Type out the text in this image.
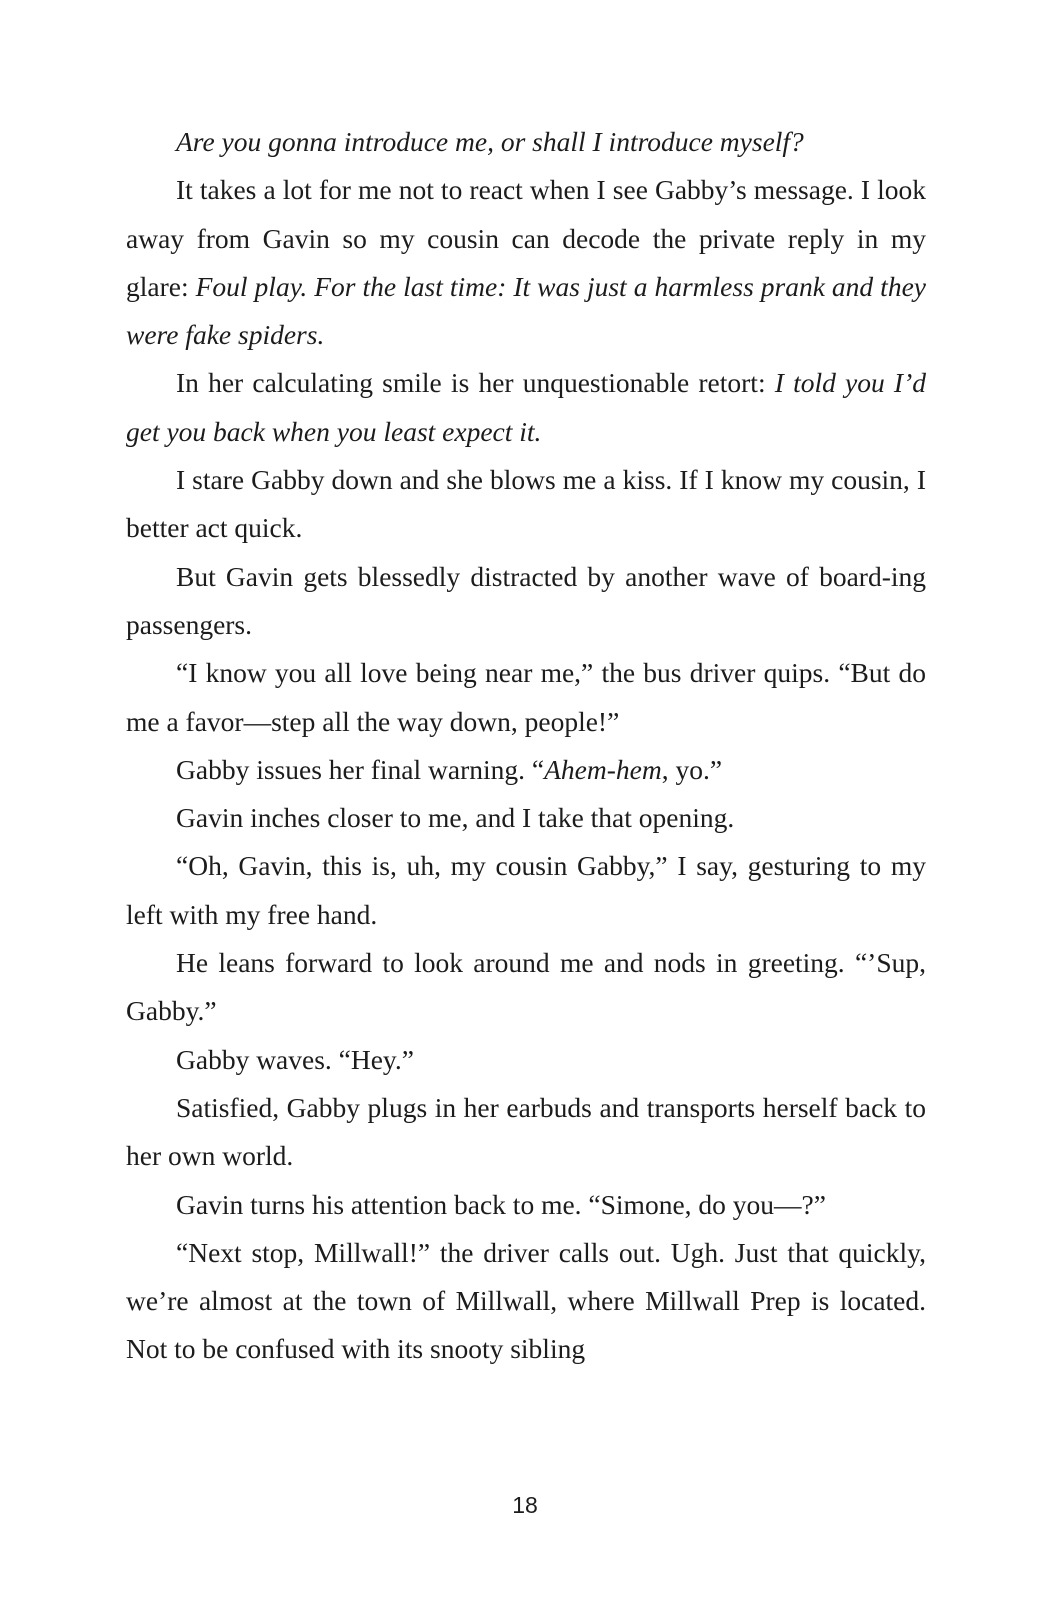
Are you gonna introduce me, or shall I introduce myself?

It takes a lot for me not to react when I see Gabby’s message. I look away from Gavin so my cousin can decode the private reply in my glare: Foul play. For the last time: It was just a harmless prank and they were fake spiders.

In her calculating smile is her unquestionable retort: I told you I’d get you back when you least expect it.

I stare Gabby down and she blows me a kiss. If I know my cousin, I better act quick.

But Gavin gets blessedly distracted by another wave of board-ing passengers.

“I know you all love being near me,” the bus driver quips. “But do me a favor—step all the way down, people!”

Gabby issues her final warning. “Ahem-hem, yo.”

Gavin inches closer to me, and I take that opening.

“Oh, Gavin, this is, uh, my cousin Gabby,” I say, gesturing to my left with my free hand.

He leans forward to look around me and nods in greeting. “’Sup, Gabby.”

Gabby waves. “Hey.”

Satisfied, Gabby plugs in her earbuds and transports herself back to her own world.

Gavin turns his attention back to me. “Simone, do you—?”

“Next stop, Millwall!” the driver calls out. Ugh. Just that quickly, we’re almost at the town of Millwall, where Millwall Prep is located. Not to be confused with its snooty sibling

18
